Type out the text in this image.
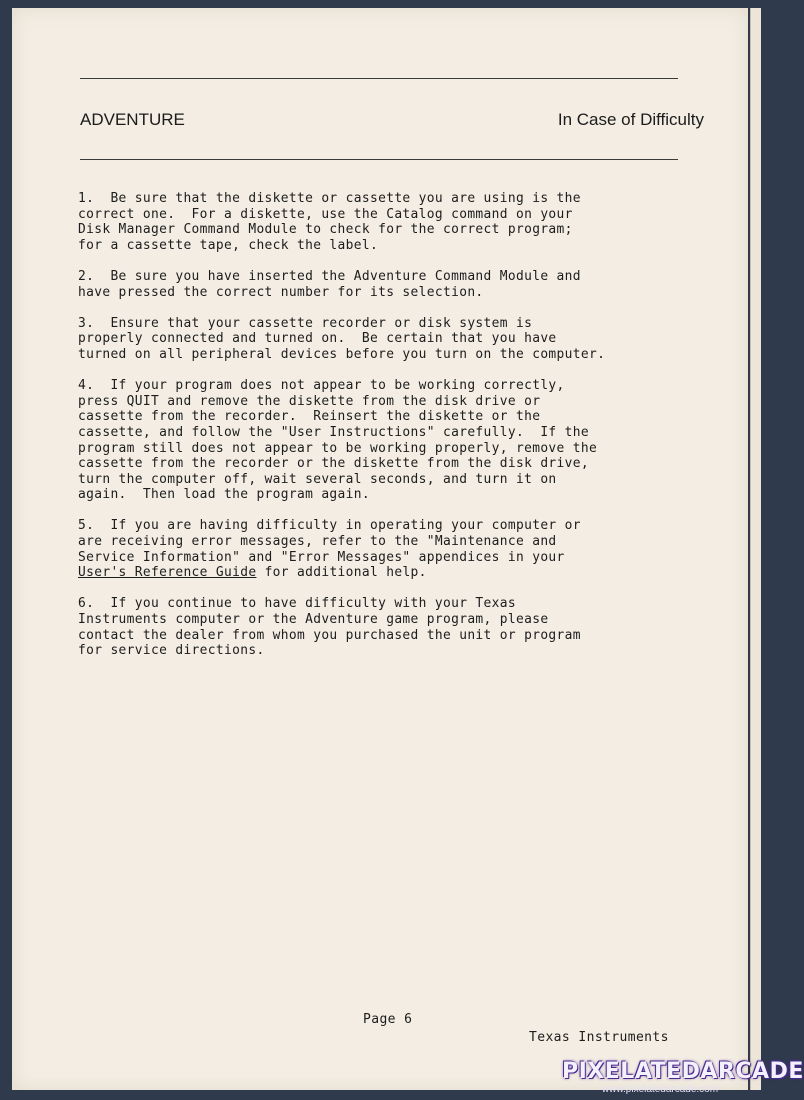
ADVENTURE	In Case of Difficulty

1.  Be sure that the diskette or cassette you are using is the
correct one.  For a diskette, use the Catalog command on your
Disk Manager Command Module to check for the correct program;
for a cassette tape, check the label.

2.  Be sure you have inserted the Adventure Command Module and
have pressed the correct number for its selection.

3.  Ensure that your cassette recorder or disk system is
properly connected and turned on.  Be certain that you have
turned on all peripheral devices before you turn on the computer.

4.  If your program does not appear to be working correctly,
press QUIT and remove the diskette from the disk drive or
cassette from the recorder.  Reinsert the diskette or the
cassette, and follow the "User Instructions" carefully.  If the
program still does not appear to be working properly, remove the
cassette from the recorder or the diskette from the disk drive,
turn the computer off, wait several seconds, and turn it on
again.  Then load the program again.

5.  If you are having difficulty in operating your computer or
are receiving error messages, refer to the "Maintenance and
Service Information" and "Error Messages" appendices in your
User's Reference Guide for additional help.

6.  If you continue to have difficulty with your Texas
Instruments computer or the Adventure game program, please
contact the dealer from whom you purchased the unit or program
for service directions.

Page 6
Texas Instruments
PIXELATEDARCADE
www.pixelatedarcade.com
